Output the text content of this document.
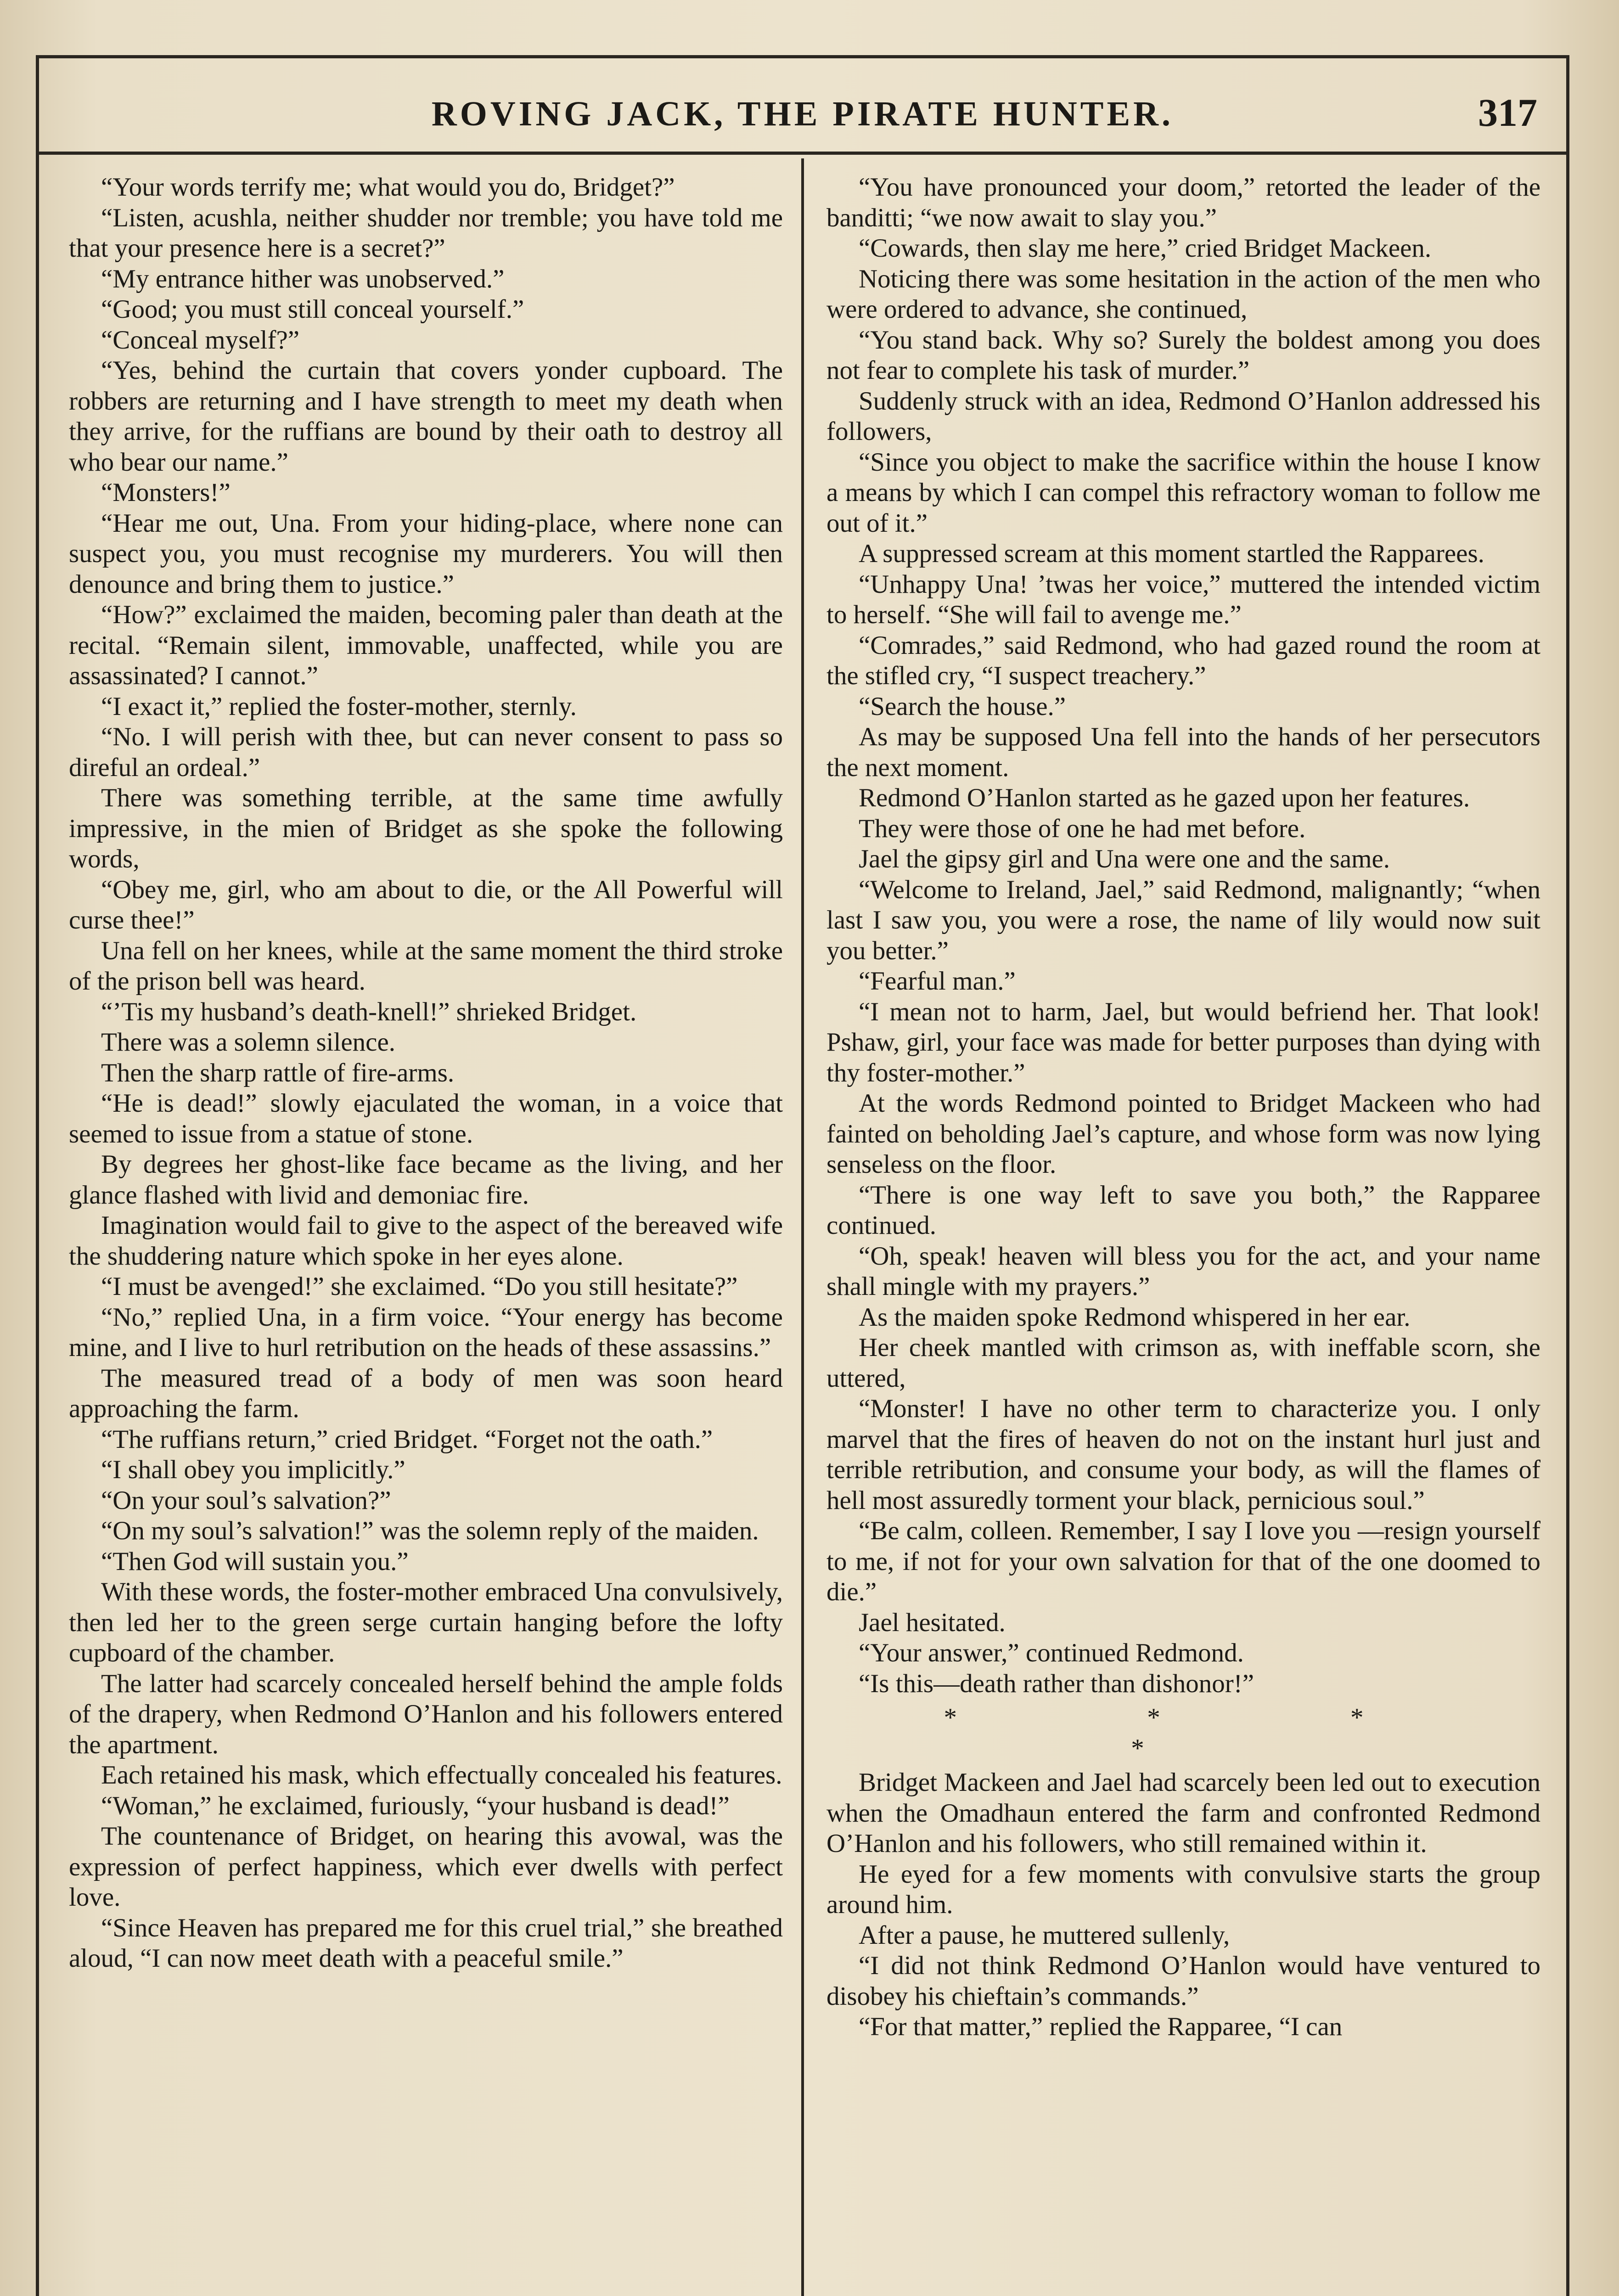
ROVING JACK, THE PIRATE HUNTER.	317

“Your words terrify me; what would you do, Bridget?”

“Listen, acushla, neither shudder nor tremble; you have told me that your presence here is a secret?”

“My entrance hither was unobserved.”

“Good; you must still conceal yourself.”

“Conceal myself?”

“Yes, behind the curtain that covers yonder cupboard. The robbers are returning and I have strength to meet my death when they arrive, for the ruffians are bound by their oath to destroy all who bear our name.”

“Monsters!”

“Hear me out, Una. From your hiding-place, where none can suspect you, you must recognise my murderers. You will then denounce and bring them to justice.”

“How?” exclaimed the maiden, becoming paler than death at the recital. “Remain silent, immovable, unaffected, while you are assassinated? I cannot.”

“I exact it,” replied the foster-mother, sternly.

“No. I will perish with thee, but can never consent to pass so direful an ordeal.”

There was something terrible, at the same time awfully impressive, in the mien of Bridget as she spoke the following words,

“Obey me, girl, who am about to die, or the All Powerful will curse thee!”

Una fell on her knees, while at the same moment the third stroke of the prison bell was heard.

“’Tis my husband’s death-knell!” shrieked Bridget.

There was a solemn silence.

Then the sharp rattle of fire-arms.

“He is dead!” slowly ejaculated the woman, in a voice that seemed to issue from a statue of stone.

By degrees her ghost-like face became as the living, and her glance flashed with livid and demoniac fire.

Imagination would fail to give to the aspect of the bereaved wife the shuddering nature which spoke in her eyes alone.

“I must be avenged!” she exclaimed. “Do you still hesitate?”

“No,” replied Una, in a firm voice. “Your energy has become mine, and I live to hurl retribution on the heads of these assassins.”

The measured tread of a body of men was soon heard approaching the farm.

“The ruffians return,” cried Bridget. “Forget not the oath.”

“I shall obey you implicitly.”

“On your soul’s salvation?”

“On my soul’s salvation!” was the solemn reply of the maiden.

“Then God will sustain you.”

With these words, the foster-mother embraced Una convulsively, then led her to the green serge curtain hanging before the lofty cupboard of the chamber.

The latter had scarcely concealed herself behind the ample folds of the drapery, when Redmond O’Hanlon and his followers entered the apartment.

Each retained his mask, which effectually concealed his features.

“Woman,” he exclaimed, furiously, “your husband is dead!”

The countenance of Bridget, on hearing this avowal, was the expression of perfect happiness, which ever dwells with perfect love.

“Since Heaven has prepared me for this cruel trial,” she breathed aloud, “I can now meet death with a peaceful smile.”

“You have pronounced your doom,” retorted the leader of the banditti; “we now await to slay you.”

“Cowards, then slay me here,” cried Bridget Mackeen.

Noticing there was some hesitation in the action of the men who were ordered to advance, she continued,

“You stand back. Why so? Surely the boldest among you does not fear to complete his task of murder.”

Suddenly struck with an idea, Redmond O’Hanlon addressed his followers,

“Since you object to make the sacrifice within the house I know a means by which I can compel this refractory woman to follow me out of it.”

A suppressed scream at this moment startled the Rapparees.

“Unhappy Una! ’twas her voice,” muttered the intended victim to herself. “She will fail to avenge me.”

“Comrades,” said Redmond, who had gazed round the room at the stifled cry, “I suspect treachery.”

“Search the house.”

As may be supposed Una fell into the hands of her persecutors the next moment.

Redmond O’Hanlon started as he gazed upon her features.

They were those of one he had met before.

Jael the gipsy girl and Una were one and the same.

“Welcome to Ireland, Jael,” said Redmond, malignantly; “when last I saw you, you were a rose, the name of lily would now suit you better.”

“Fearful man.”

“I mean not to harm, Jael, but would befriend her. That look! Pshaw, girl, your face was made for better purposes than dying with thy foster-mother.”

At the words Redmond pointed to Bridget Mackeen who had fainted on beholding Jael’s capture, and whose form was now lying senseless on the floor.

“There is one way left to save you both,” the Rapparee continued.

“Oh, speak! heaven will bless you for the act, and your name shall mingle with my prayers.”

As the maiden spoke Redmond whispered in her ear.

Her cheek mantled with crimson as, with ineffable scorn, she uttered,

“Monster! I have no other term to characterize you. I only marvel that the fires of heaven do not on the instant hurl just and terrible retribution, and consume your body, as will the flames of hell most assuredly torment your black, pernicious soul.”

“Be calm, colleen. Remember, I say I love you —resign yourself to me, if not for your own salvation for that of the one doomed to die.”

Jael hesitated.

“Your answer,” continued Redmond.

“Is this—death rather than dishonor!”

* * * *

Bridget Mackeen and Jael had scarcely been led out to execution when the Omadhaun entered the farm and confronted Redmond O’Hanlon and his followers, who still remained within it.

He eyed for a few moments with convulsive starts the group around him.

After a pause, he muttered sullenly,

“I did not think Redmond O’Hanlon would have ventured to disobey his chieftain’s commands.”

“For that matter,” replied the Rapparee, “I can
